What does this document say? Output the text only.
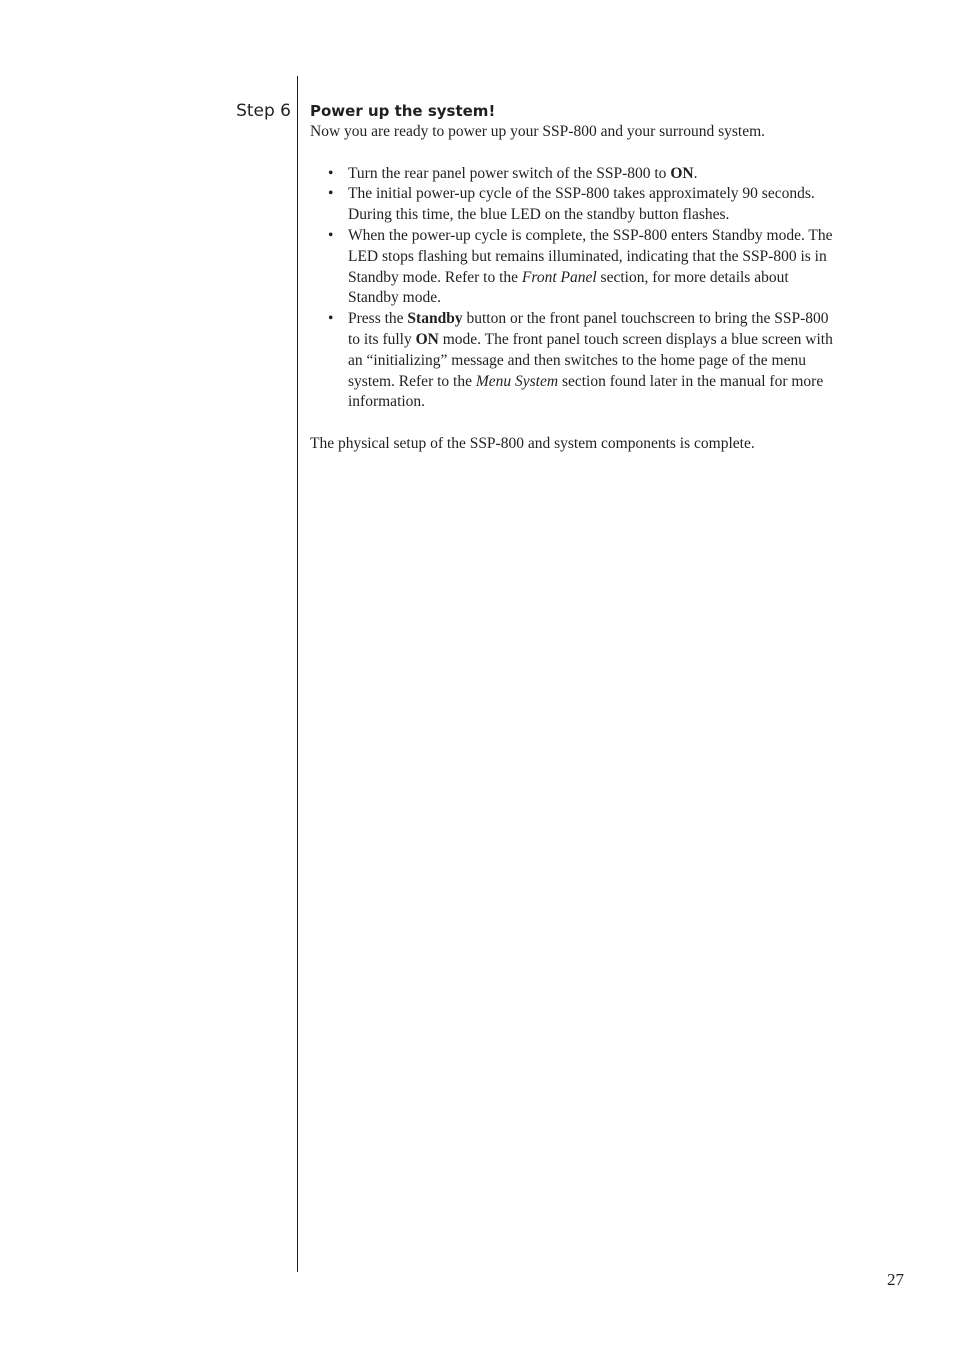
Step 6 Power up the system!

Now you are ready to power up your SSP-800 and your surround system.

• Turn the rear panel power switch of the SSP-800 to ON.
• The initial power-up cycle of the SSP-800 takes approximately 90 seconds. During this time, the blue LED on the standby button flashes.
• When the power-up cycle is complete, the SSP-800 enters Standby mode. The LED stops flashing but remains illuminated, indicating that the SSP-800 is in Standby mode. Refer to the Front Panel section, for more details about Standby mode.
• Press the Standby button or the front panel touchscreen to bring the SSP-800 to its fully ON mode. The front panel touch screen displays a blue screen with an “initializing” message and then switches to the home page of the menu system. Refer to the Menu System section found later in the manual for more information.

The physical setup of the SSP-800 and system components is complete.

27
